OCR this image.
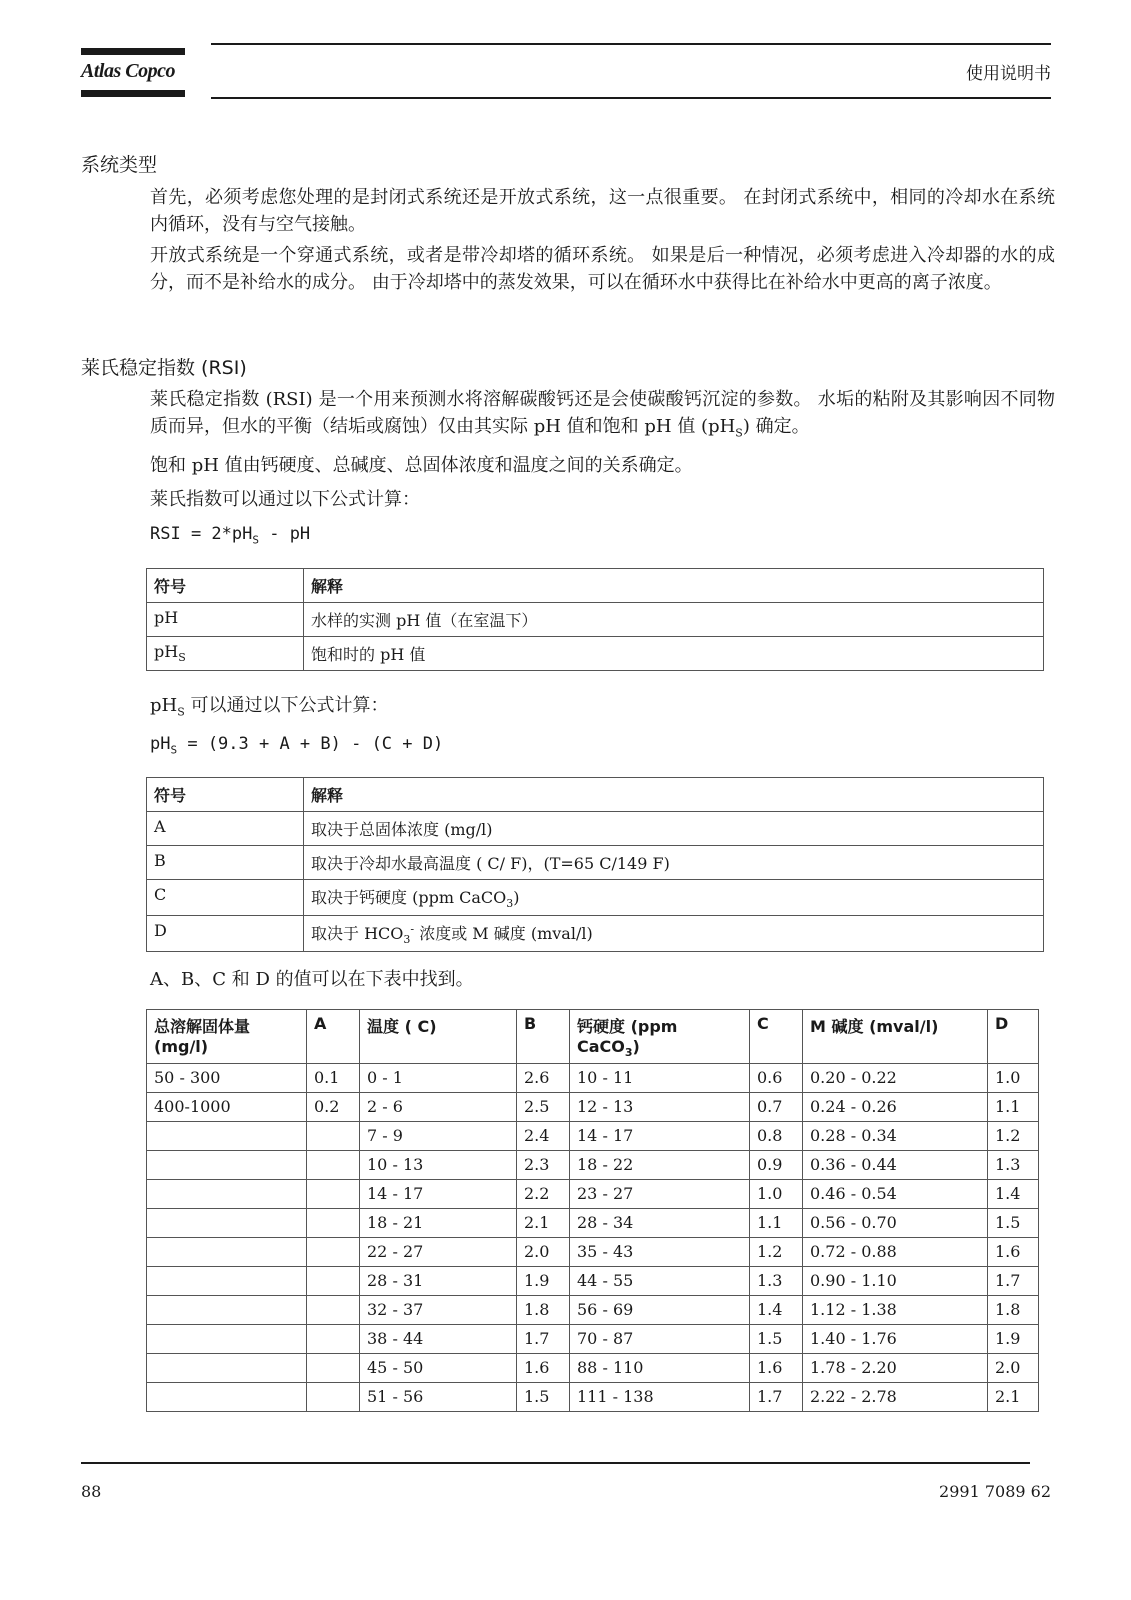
Atlas Copco	使用说明书
系统类型
首先，必须考虑您处理的是封闭式系统还是开放式系统，这一点很重要。 在封闭式系统中，相同的冷却水在系统内循环，没有与空气接触。
开放式系统是一个穿通式系统，或者是带冷却塔的循环系统。 如果是后一种情况，必须考虑进入冷却器的水的成分，而不是补给水的成分。 由于冷却塔中的蒸发效果，可以在循环水中获得比在补给水中更高的离子浓度。
莱氏稳定指数 (RSI)
莱氏稳定指数 (RSI) 是一个用来预测水将溶解碳酸钙还是会使碳酸钙沉淀的参数。 水垢的粘附及其影响因不同物质而异，但水的平衡（结垢或腐蚀）仅由其实际 pH 值和饱和 pH 值 $(pH_S)$ 确定。
饱和 pH 值由钙硬度、总碱度、总固体浓度和温度之间的关系确定。
莱氏指数可以通过以下公式计算：
RSI = $2*pH_S$ - pH
符号	解释
pH	水样的实测 pH 值（在室温下）
$pH_S$	饱和时的 pH 值
$pH_S$ 可以通过以下公式计算：
$pH_S = (9.3 + A + B) - (C + D)$
符号	解释
A	取决于总固体浓度 (mg/l)
B	取决于冷却水最高温度 ( C/ F)，(T=65 C/149 F)
C	取决于钙硬度 (ppm CaCO$_3$)
D	取决于 $HCO_3^-$ 浓度或 M 碱度 (mval/l)
A、B、C 和 D 的值可以在下表中找到。
总溶解固体量 (mg/l)	A	温度 ( C)	B	钙硬度 (ppm CaCO$_3$)	C	M 碱度 (mval/l)	D
50 - 300	0.1	0 - 1	2.6	10 - 11	0.6	0.20 - 0.22	1.0
400-1000	0.2	2 - 6	2.5	12 - 13	0.7	0.24 - 0.26	1.1
		7 - 9	2.4	14 - 17	0.8	0.28 - 0.34	1.2
		10 - 13	2.3	18 - 22	0.9	0.36 - 0.44	1.3
		14 - 17	2.2	23 - 27	1.0	0.46 - 0.54	1.4
		18 - 21	2.1	28 - 34	1.1	0.56 - 0.70	1.5
		22 - 27	2.0	35 - 43	1.2	0.72 - 0.88	1.6
		28 - 31	1.9	44 - 55	1.3	0.90 - 1.10	1.7
		32 - 37	1.8	56 - 69	1.4	1.12 - 1.38	1.8
		38 - 44	1.7	70 - 87	1.5	1.40 - 1.76	1.9
		45 - 50	1.6	88 - 110	1.6	1.78 - 2.20	2.0
		51 - 56	1.5	111 - 138	1.7	2.22 - 2.78	2.1
88	2991 7089 62
